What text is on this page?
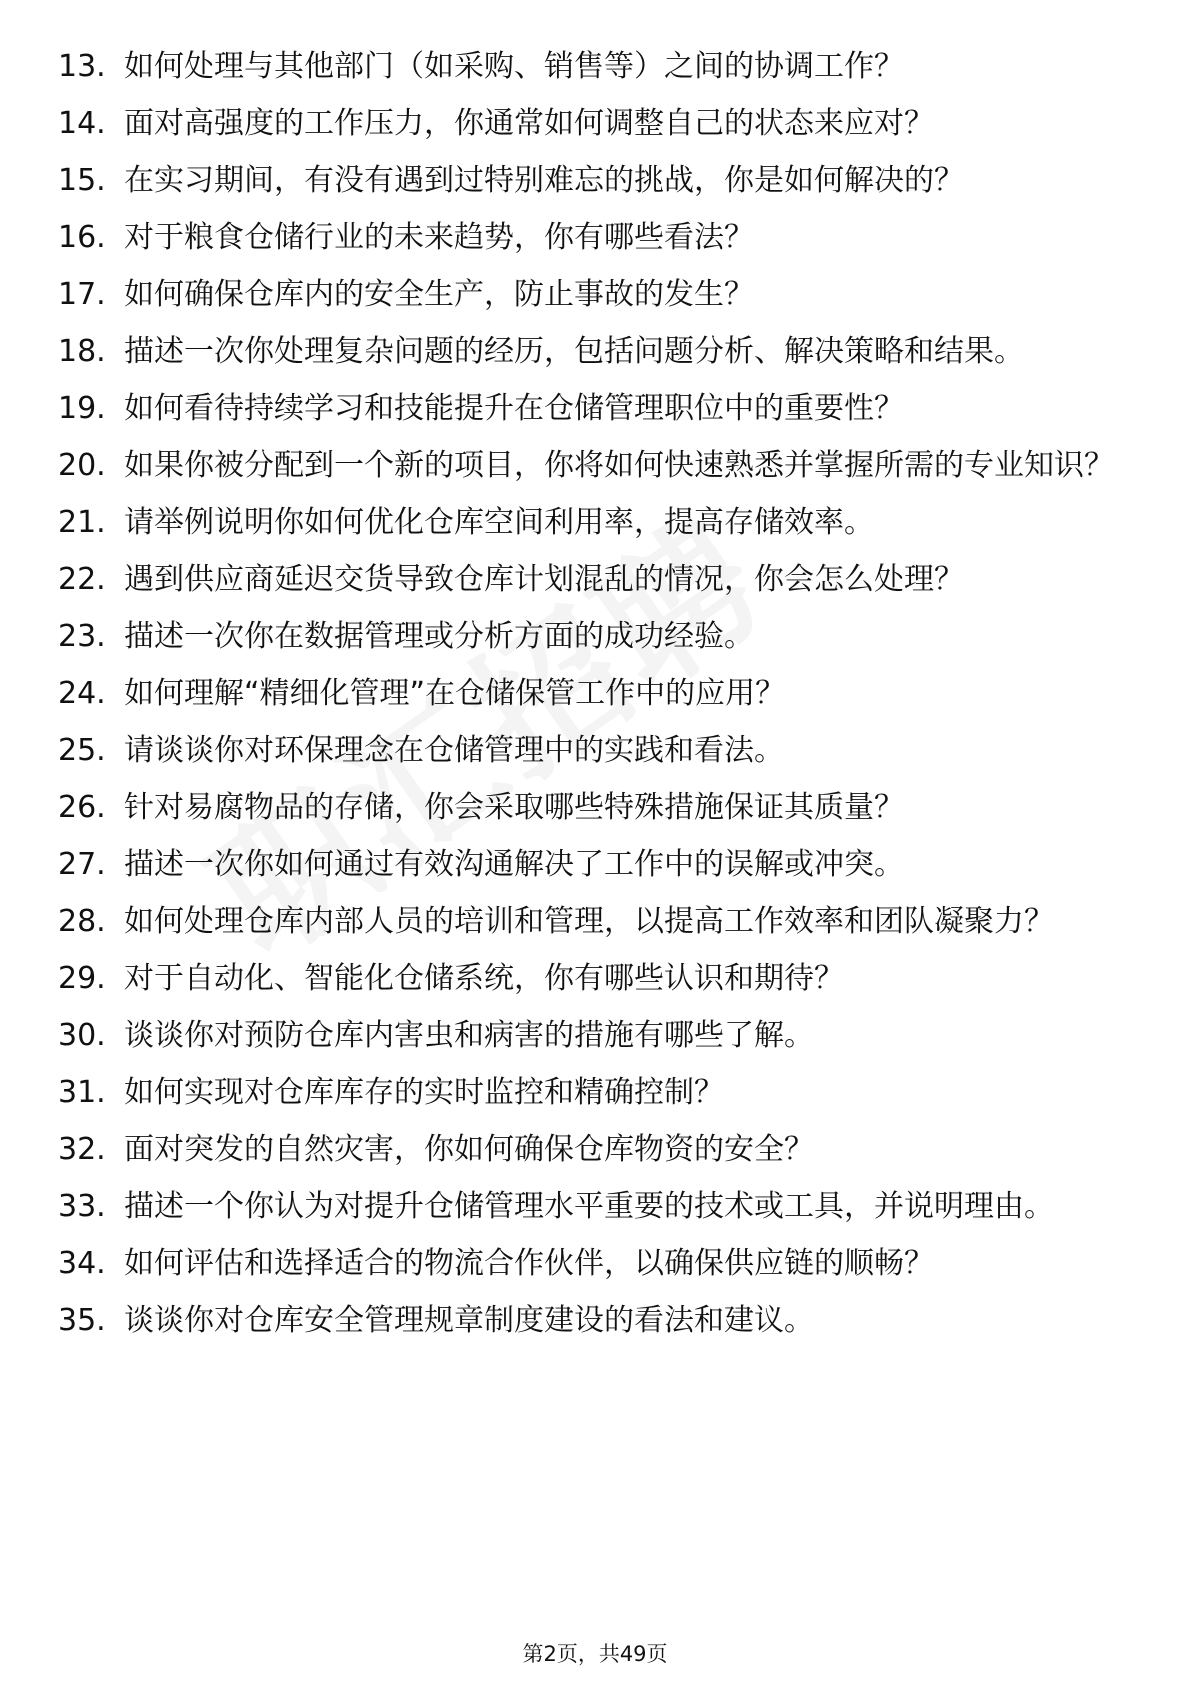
13. 如何处理与其他部门（如采购、销售等）之间的协调工作？
14. 面对高强度的工作压力，你通常如何调整自己的状态来应对？
15. 在实习期间，有没有遇到过特别难忘的挑战，你是如何解决的？
16. 对于粮食仓储行业的未来趋势，你有哪些看法？
17. 如何确保仓库内的安全生产，防止事故的发生？
18. 描述一次你处理复杂问题的经历，包括问题分析、解决策略和结果。
19. 如何看待持续学习和技能提升在仓储管理职位中的重要性？
20. 如果你被分配到一个新的项目，你将如何快速熟悉并掌握所需的专业知识？
21. 请举例说明你如何优化仓库空间利用率，提高存储效率。
22. 遇到供应商延迟交货导致仓库计划混乱的情况，你会怎么处理？
23. 描述一次你在数据管理或分析方面的成功经验。
24. 如何理解“精细化管理”在仓储保管工作中的应用？
25. 请谈谈你对环保理念在仓储管理中的实践和看法。
26. 针对易腐物品的存储，你会采取哪些特殊措施保证其质量？
27. 描述一次你如何通过有效沟通解决了工作中的误解或冲突。
28. 如何处理仓库内部人员的培训和管理，以提高工作效率和团队凝聚力？
29. 对于自动化、智能化仓储系统，你有哪些认识和期待？
30. 谈谈你对预防仓库内害虫和病害的措施有哪些了解。
31. 如何实现对仓库库存的实时监控和精确控制？
32. 面对突发的自然灾害，你如何确保仓库物资的安全？
33. 描述一个你认为对提升仓储管理水平重要的技术或工具，并说明理由。
34. 如何评估和选择适合的物流合作伙伴，以确保供应链的顺畅？
35. 谈谈你对仓库安全管理规章制度建设的看法和建议。
第2页，共49页
